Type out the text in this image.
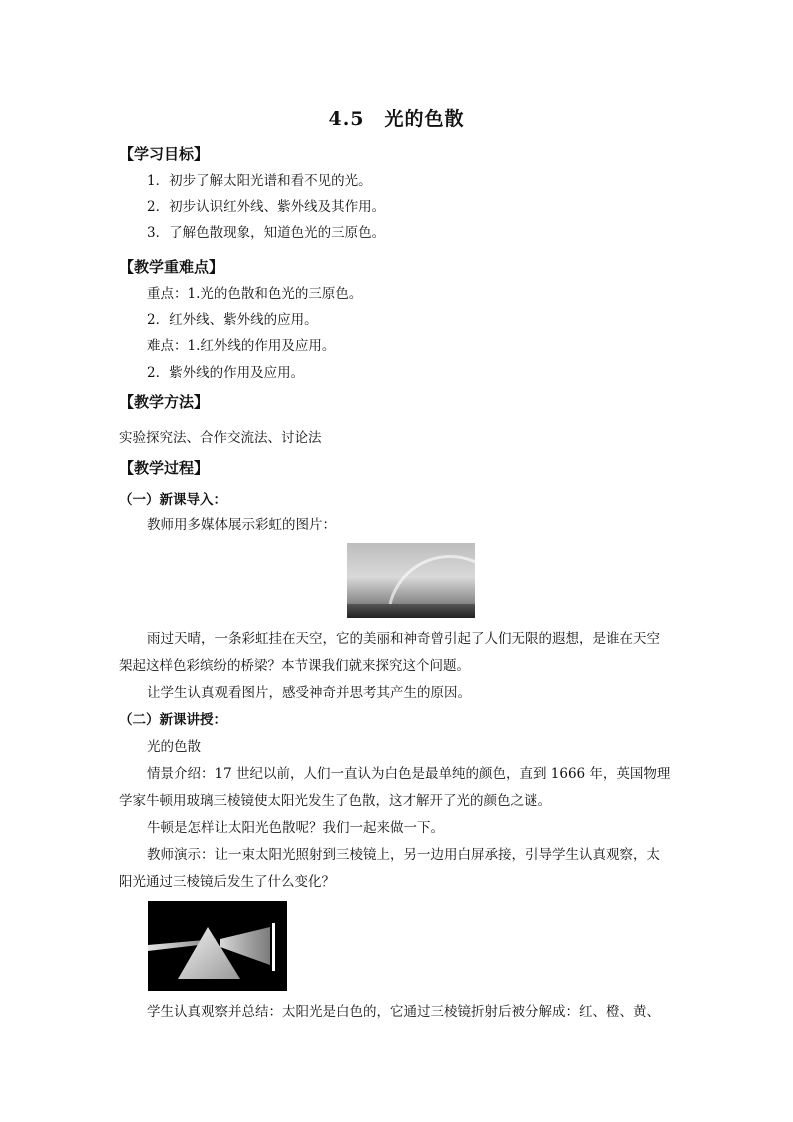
4.5　光的色散
【学习目标】
1．初步了解太阳光谱和看不见的光。
2．初步认识红外线、紫外线及其作用。
3．了解色散现象，知道色光的三原色。
【教学重难点】
重点：1.光的色散和色光的三原色。
2．红外线、紫外线的应用。
难点：1.红外线的作用及应用。
2．紫外线的作用及应用。
【教学方法】
实验探究法、合作交流法、讨论法
【教学过程】
（一）新课导入：
教师用多媒体展示彩虹的图片：
雨过天晴，一条彩虹挂在天空，它的美丽和神奇曾引起了人们无限的遐想，是谁在天空
架起这样色彩缤纷的桥梁？本节课我们就来探究这个问题。
让学生认真观看图片，感受神奇并思考其产生的原因。
（二）新课讲授：
光的色散
情景介绍：17 世纪以前，人们一直认为白色是最单纯的颜色，直到 1666 年，英国物理
学家牛顿用玻璃三棱镜使太阳光发生了色散，这才解开了光的颜色之谜。
牛顿是怎样让太阳光色散呢？我们一起来做一下。
教师演示：让一束太阳光照射到三棱镜上，另一边用白屏承接，引导学生认真观察，太
阳光通过三棱镜后发生了什么变化？
学生认真观察并总结：太阳光是白色的，它通过三棱镜折射后被分解成：红、橙、黄、
